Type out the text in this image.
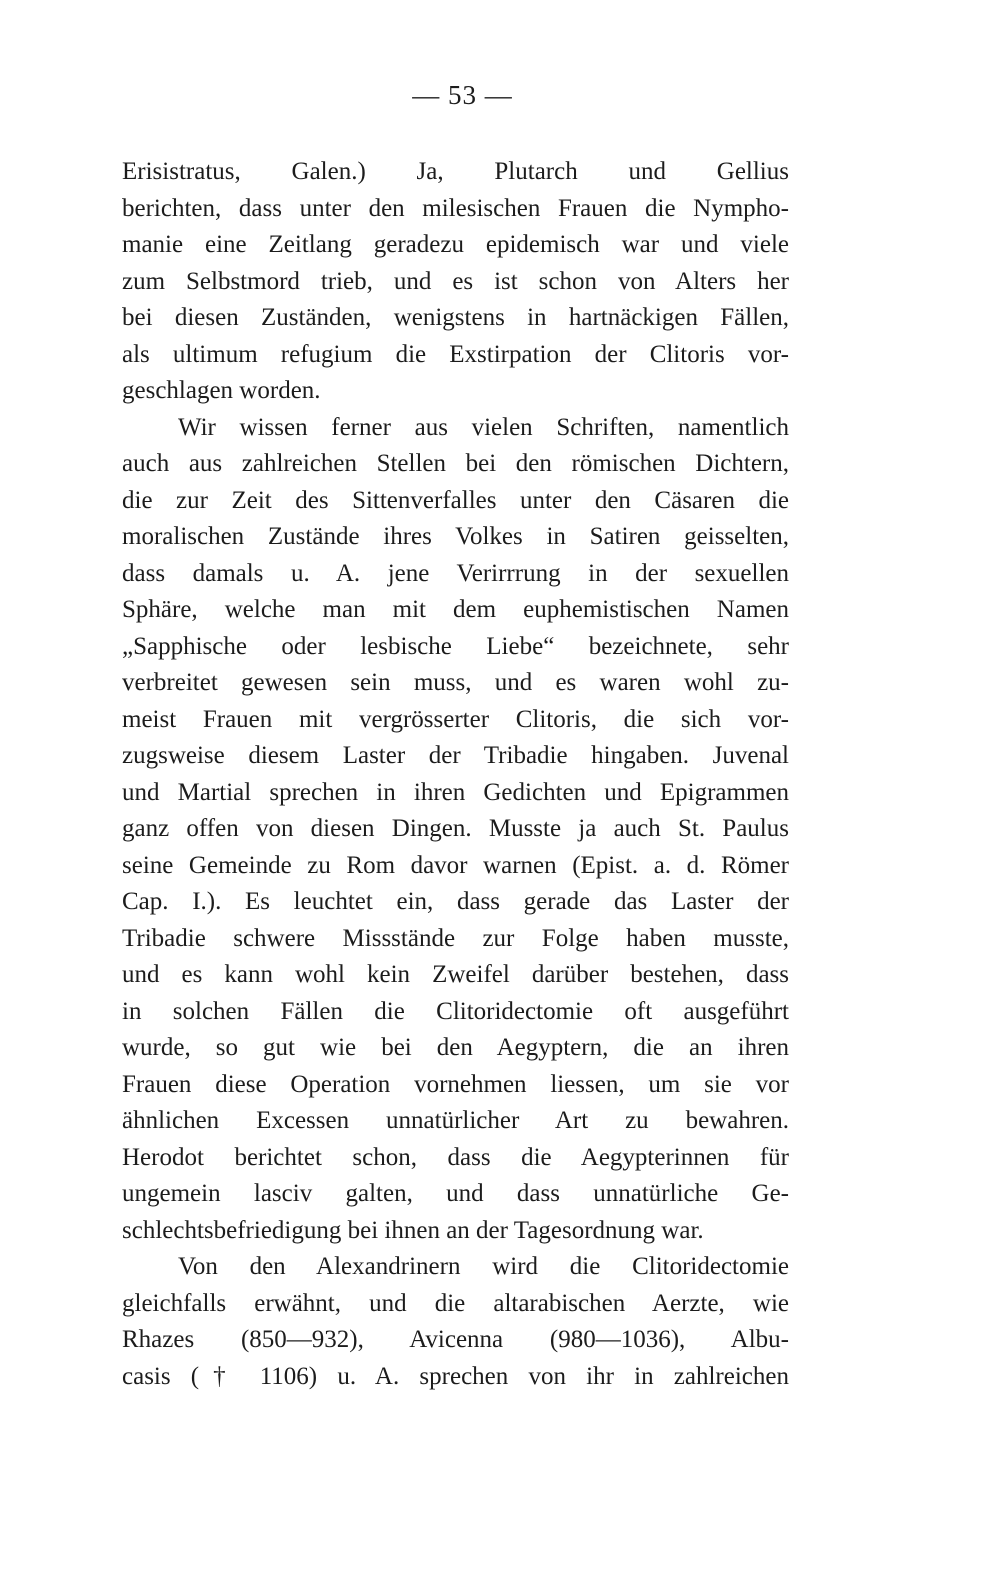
— 53 —
Erisistratus, Galen.) Ja, Plutarch und Gellius
berichten, dass unter den milesischen Frauen die Nympho-
manie eine Zeitlang geradezu epidemisch war und viele
zum Selbstmord trieb, und es ist schon von Alters her
bei diesen Zuständen, wenigstens in hartnäckigen Fällen,
als ultimum refugium die Exstirpation der Clitoris vor-
geschlagen worden.
Wir wissen ferner aus vielen Schriften, namentlich
auch aus zahlreichen Stellen bei den römischen Dichtern,
die zur Zeit des Sittenverfalles unter den Cäsaren die
moralischen Zustände ihres Volkes in Satiren geisselten,
dass damals u. A. jene Verirrrung in der sexuellen
Sphäre, welche man mit dem euphemistischen Namen
„Sapphische oder lesbische Liebe“ bezeichnete, sehr
verbreitet gewesen sein muss, und es waren wohl zu-
meist Frauen mit vergrösserter Clitoris, die sich vor-
zugsweise diesem Laster der Tribadie hingaben. Juvenal
und Martial sprechen in ihren Gedichten und Epigrammen
ganz offen von diesen Dingen. Musste ja auch St. Paulus
seine Gemeinde zu Rom davor warnen (Epist. a. d. Römer
Cap. I.). Es leuchtet ein, dass gerade das Laster der
Tribadie schwere Missstände zur Folge haben musste,
und es kann wohl kein Zweifel darüber bestehen, dass
in solchen Fällen die Clitoridectomie oft ausgeführt
wurde, so gut wie bei den Aegyptern, die an ihren
Frauen diese Operation vornehmen liessen, um sie vor
ähnlichen Excessen unnatürlicher Art zu bewahren.
Herodot berichtet schon, dass die Aegypterinnen für
ungemein lasciv galten, und dass unnatürliche Ge-
schlechtsbefriedigung bei ihnen an der Tagesordnung war.
Von den Alexandrinern wird die Clitoridectomie
gleichfalls erwähnt, und die altarabischen Aerzte, wie
Rhazes (850—932), Avicenna (980—1036), Albu-
casis († 1106) u. A. sprechen von ihr in zahlreichen
